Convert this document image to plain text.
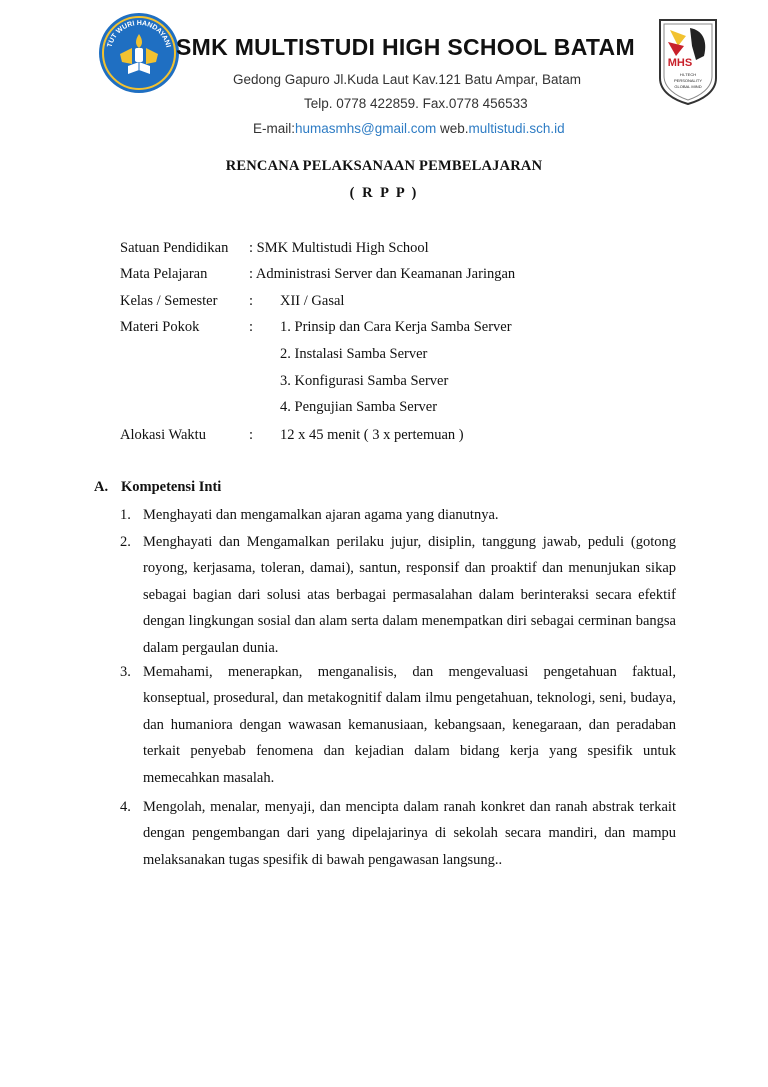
TUT WURI HANDAYANI SMK MULTISTUDI HIGH SCHOOL BATAM
Gedong Gapuro Jl.Kuda Laut Kav.121 Batu Ampar, Batam
Telp. 0778 422859. Fax.0778 456533
E-mail:humasmhs@gmail.com web.multistudi.sch.id
MHS
HI-TECH
PERSONALITY
GLOBAL MIND
RENCANA PELAKSANAAN PEMBELAJARAN
( R P P )
Satuan Pendidikan : SMK Multistudi High School
Mata Pelajaran	: Administrasi Server dan Keamanan Jaringan
Kelas / Semester : XII / Gasal
Materi Pokok	: 1. Prinsip dan Cara Kerja Samba Server
2. Instalasi Samba Server
3. Konfigurasi Samba Server
4. Pengujian Samba Server
Alokasi Waktu	: 12 x 45 menit ( 3 x pertemuan )
A. Kompetensi Inti
1. Menghayati dan mengamalkan ajaran agama yang dianutnya.

2. Menghayati dan Mengamalkan perilaku jujur, disiplin, tanggung jawab, peduli (gotong royong, kerjasama, toleran, damai), santun, responsif dan proaktif dan menunjukan sikap sebagai bagian dari solusi atas berbagai permasalahan dalam berinteraksi secara efektif dengan lingkungan sosial dan alam serta dalam menempatkan diri sebagai cerminan bangsa dalam pergaulan dunia.

3. Memahami, menerapkan, menganalisis, dan mengevaluasi pengetahuan faktual, konseptual, prosedural, dan metakognitif dalam ilmu pengetahuan, teknologi, seni, budaya, dan humaniora dengan wawasan kemanusiaan, kebangsaan, kenegaraan, dan peradaban terkait penyebab fenomena dan kejadian dalam bidang kerja yang spesifik untuk memecahkan masalah.

4. Mengolah, menalar, menyaji, dan mencipta dalam ranah konkret dan ranah abstrak terkait dengan pengembangan dari yang dipelajarinya di sekolah secara mandiri, dan mampu melaksanakan tugas spesifik di bawah pengawasan langsung..
